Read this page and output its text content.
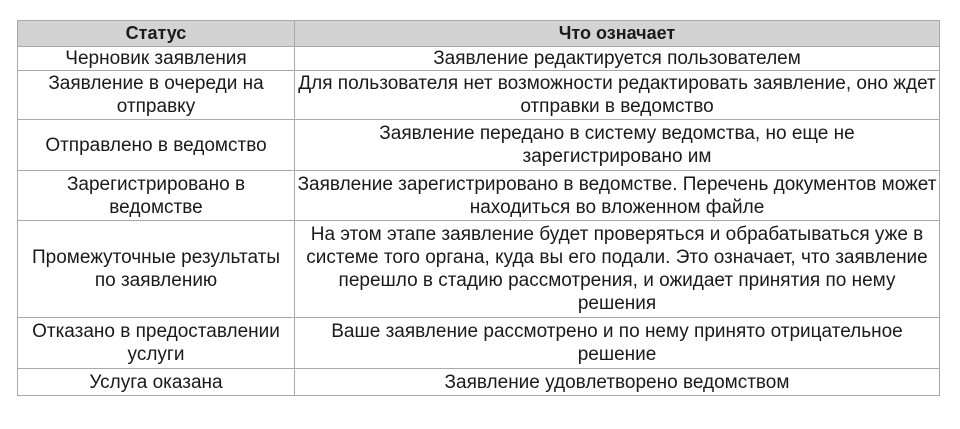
Статус	Что означает
Черновик заявления	Заявление редактируется пользователем
Заявление в очереди на отправку	Для пользователя нет возможности редактировать заявление, оно ждет отправки в ведомство
Отправлено в ведомство	Заявление передано в систему ведомства, но еще не зарегистрировано им
Зарегистрировано в ведомстве	Заявление зарегистрировано в ведомстве. Перечень документов может находиться во вложенном файле
Промежуточные результаты по заявлению	На этом этапе заявление будет проверяться и обрабатываться уже в системе того органа, куда вы его подали. Это означает, что заявление перешло в стадию рассмотрения, и ожидает принятия по нему решения
Отказано в предоставлении услуги	Ваше заявление рассмотрено и по нему принято отрицательное решение
Услуга оказана	Заявление удовлетворено ведомством
